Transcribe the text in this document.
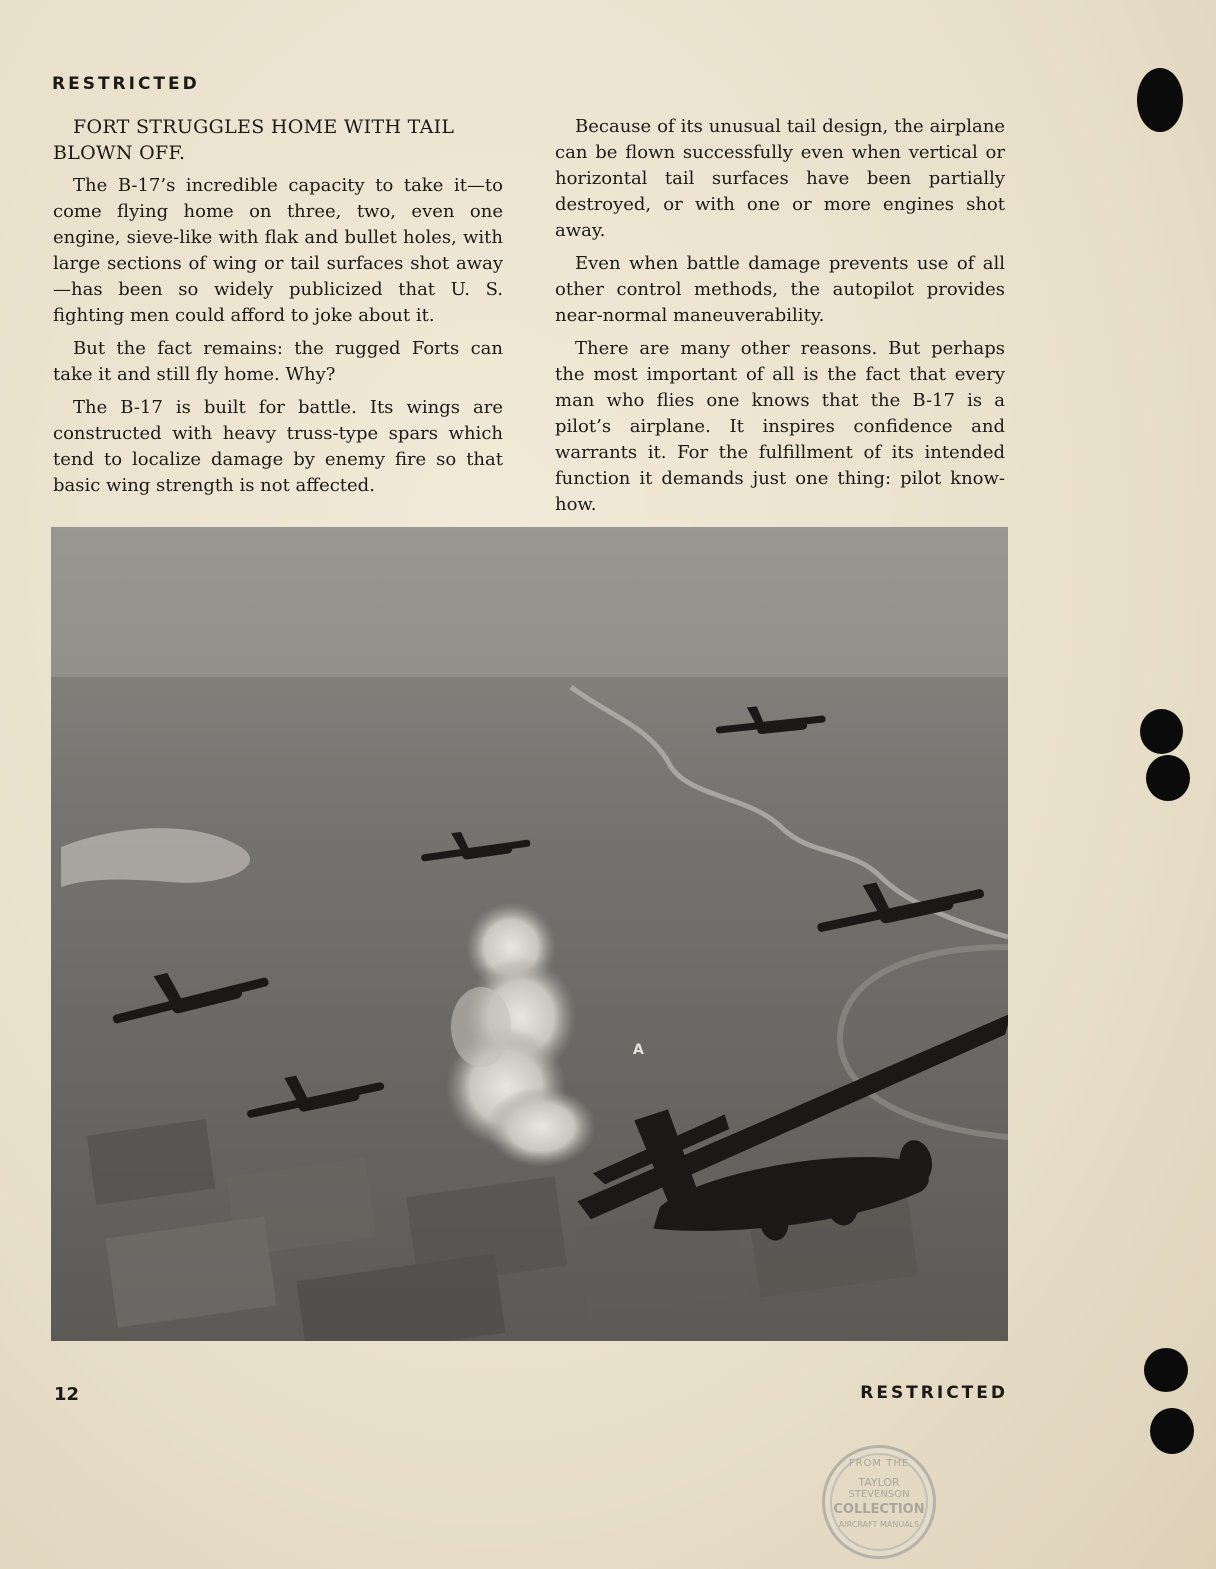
RESTRICTED
FORT STRUGGLES HOME WITH TAIL BLOWN OFF.

The B-17’s incredible capacity to take it—to come flying home on three, two, even one engine, sieve-like with flak and bullet holes, with large sections of wing or tail surfaces shot away —has been so widely publicized that U. S. fighting men could afford to joke about it.

But the fact remains: the rugged Forts can take it and still fly home. Why?

The B-17 is built for battle. Its wings are constructed with heavy truss-type spars which tend to localize damage by enemy fire so that basic wing strength is not affected.

Because of its unusual tail design, the airplane can be flown successfully even when vertical or horizontal tail surfaces have been partially destroyed, or with one or more engines shot away.

Even when battle damage prevents use of all other control methods, the autopilot provides near-normal maneuverability.

There are many other reasons. But perhaps the most important of all is the fact that every man who flies one knows that the B-17 is a pilot’s airplane. It inspires confidence and warrants it. For the fulfillment of its intended function it demands just one thing: pilot know-how.

A
12	RESTRICTED
FROM THE
TAYLOR
STEVENSON
COLLECTION
AIRCRAFT MANUALS
